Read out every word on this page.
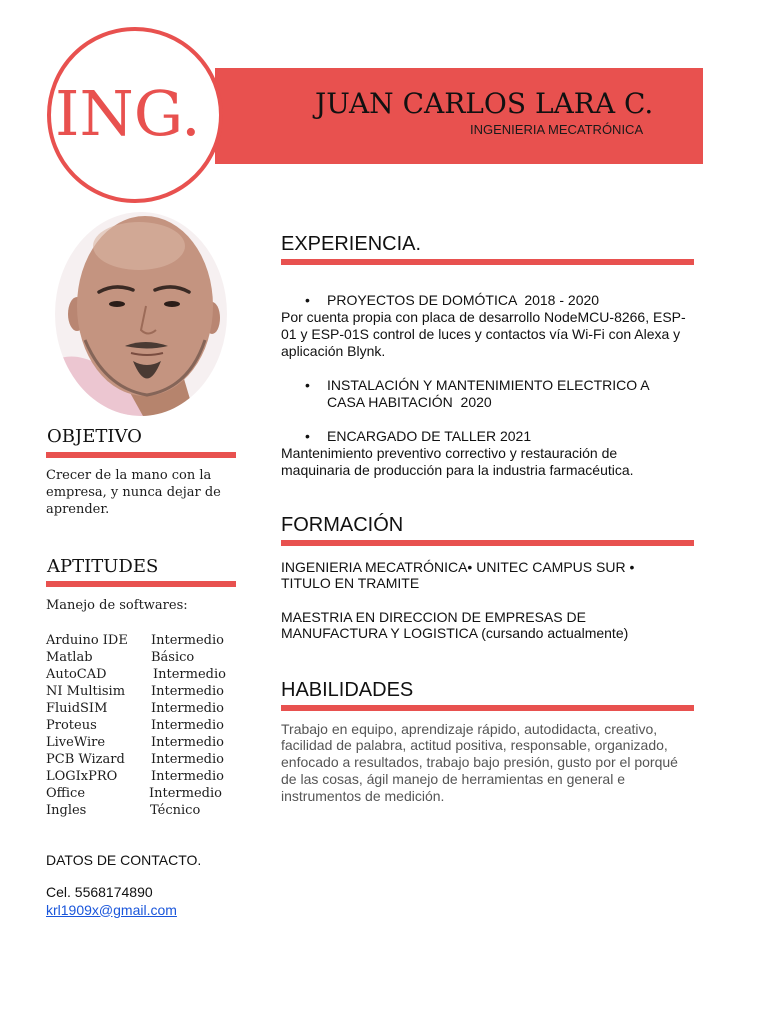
ING.	JUAN CARLOS LARA C.
INGENIERIA MECATRÓNICA
OBJETIVO
Crecer de la mano con la
empresa, y nunca dejar de
aprender.
APTITUDES
Manejo de softwares:
Arduino IDE Intermedio
Matlab	Básico
AutoCAD	Intermedio
NI Multisim Intermedio
FluidSIM	Intermedio
Proteus	Intermedio
LiveWire	Intermedio
PCB Wizard Intermedio
LOGIxPRO	Intermedio
Office	Intermedio
Ingles	Técnico
DATOS DE CONTACTO.
Cel. 5568174890
krl1909x@gmail.com
EXPERIENCIA.
• PROYECTOS DE DOMÓTICA  2018 - 2020
Por cuenta propia con placa de desarrollo NodeMCU-8266, ESP-
01 y ESP-01S control de luces y contactos vía Wi-Fi con Alexa y
aplicación Blynk.
• INSTALACIÓN Y MANTENIMIENTO ELECTRICO A
CASA HABITACIÓN  2020
• ENCARGADO DE TALLER 2021
Mantenimiento preventivo correctivo y restauración de
maquinaria de producción para la industria farmacéutica.
FORMACIÓN
INGENIERIA MECATRÓNICA• UNITEC CAMPUS SUR •
TITULO EN TRAMITE
MAESTRIA EN DIRECCION DE EMPRESAS DE
MANUFACTURA Y LOGISTICA (cursando actualmente)
HABILIDADES
Trabajo en equipo, aprendizaje rápido, autodidacta, creativo,
facilidad de palabra, actitud positiva, responsable, organizado,
enfocado a resultados, trabajo bajo presión, gusto por el porqué
de las cosas, ágil manejo de herramientas en general e
instrumentos de medición.
